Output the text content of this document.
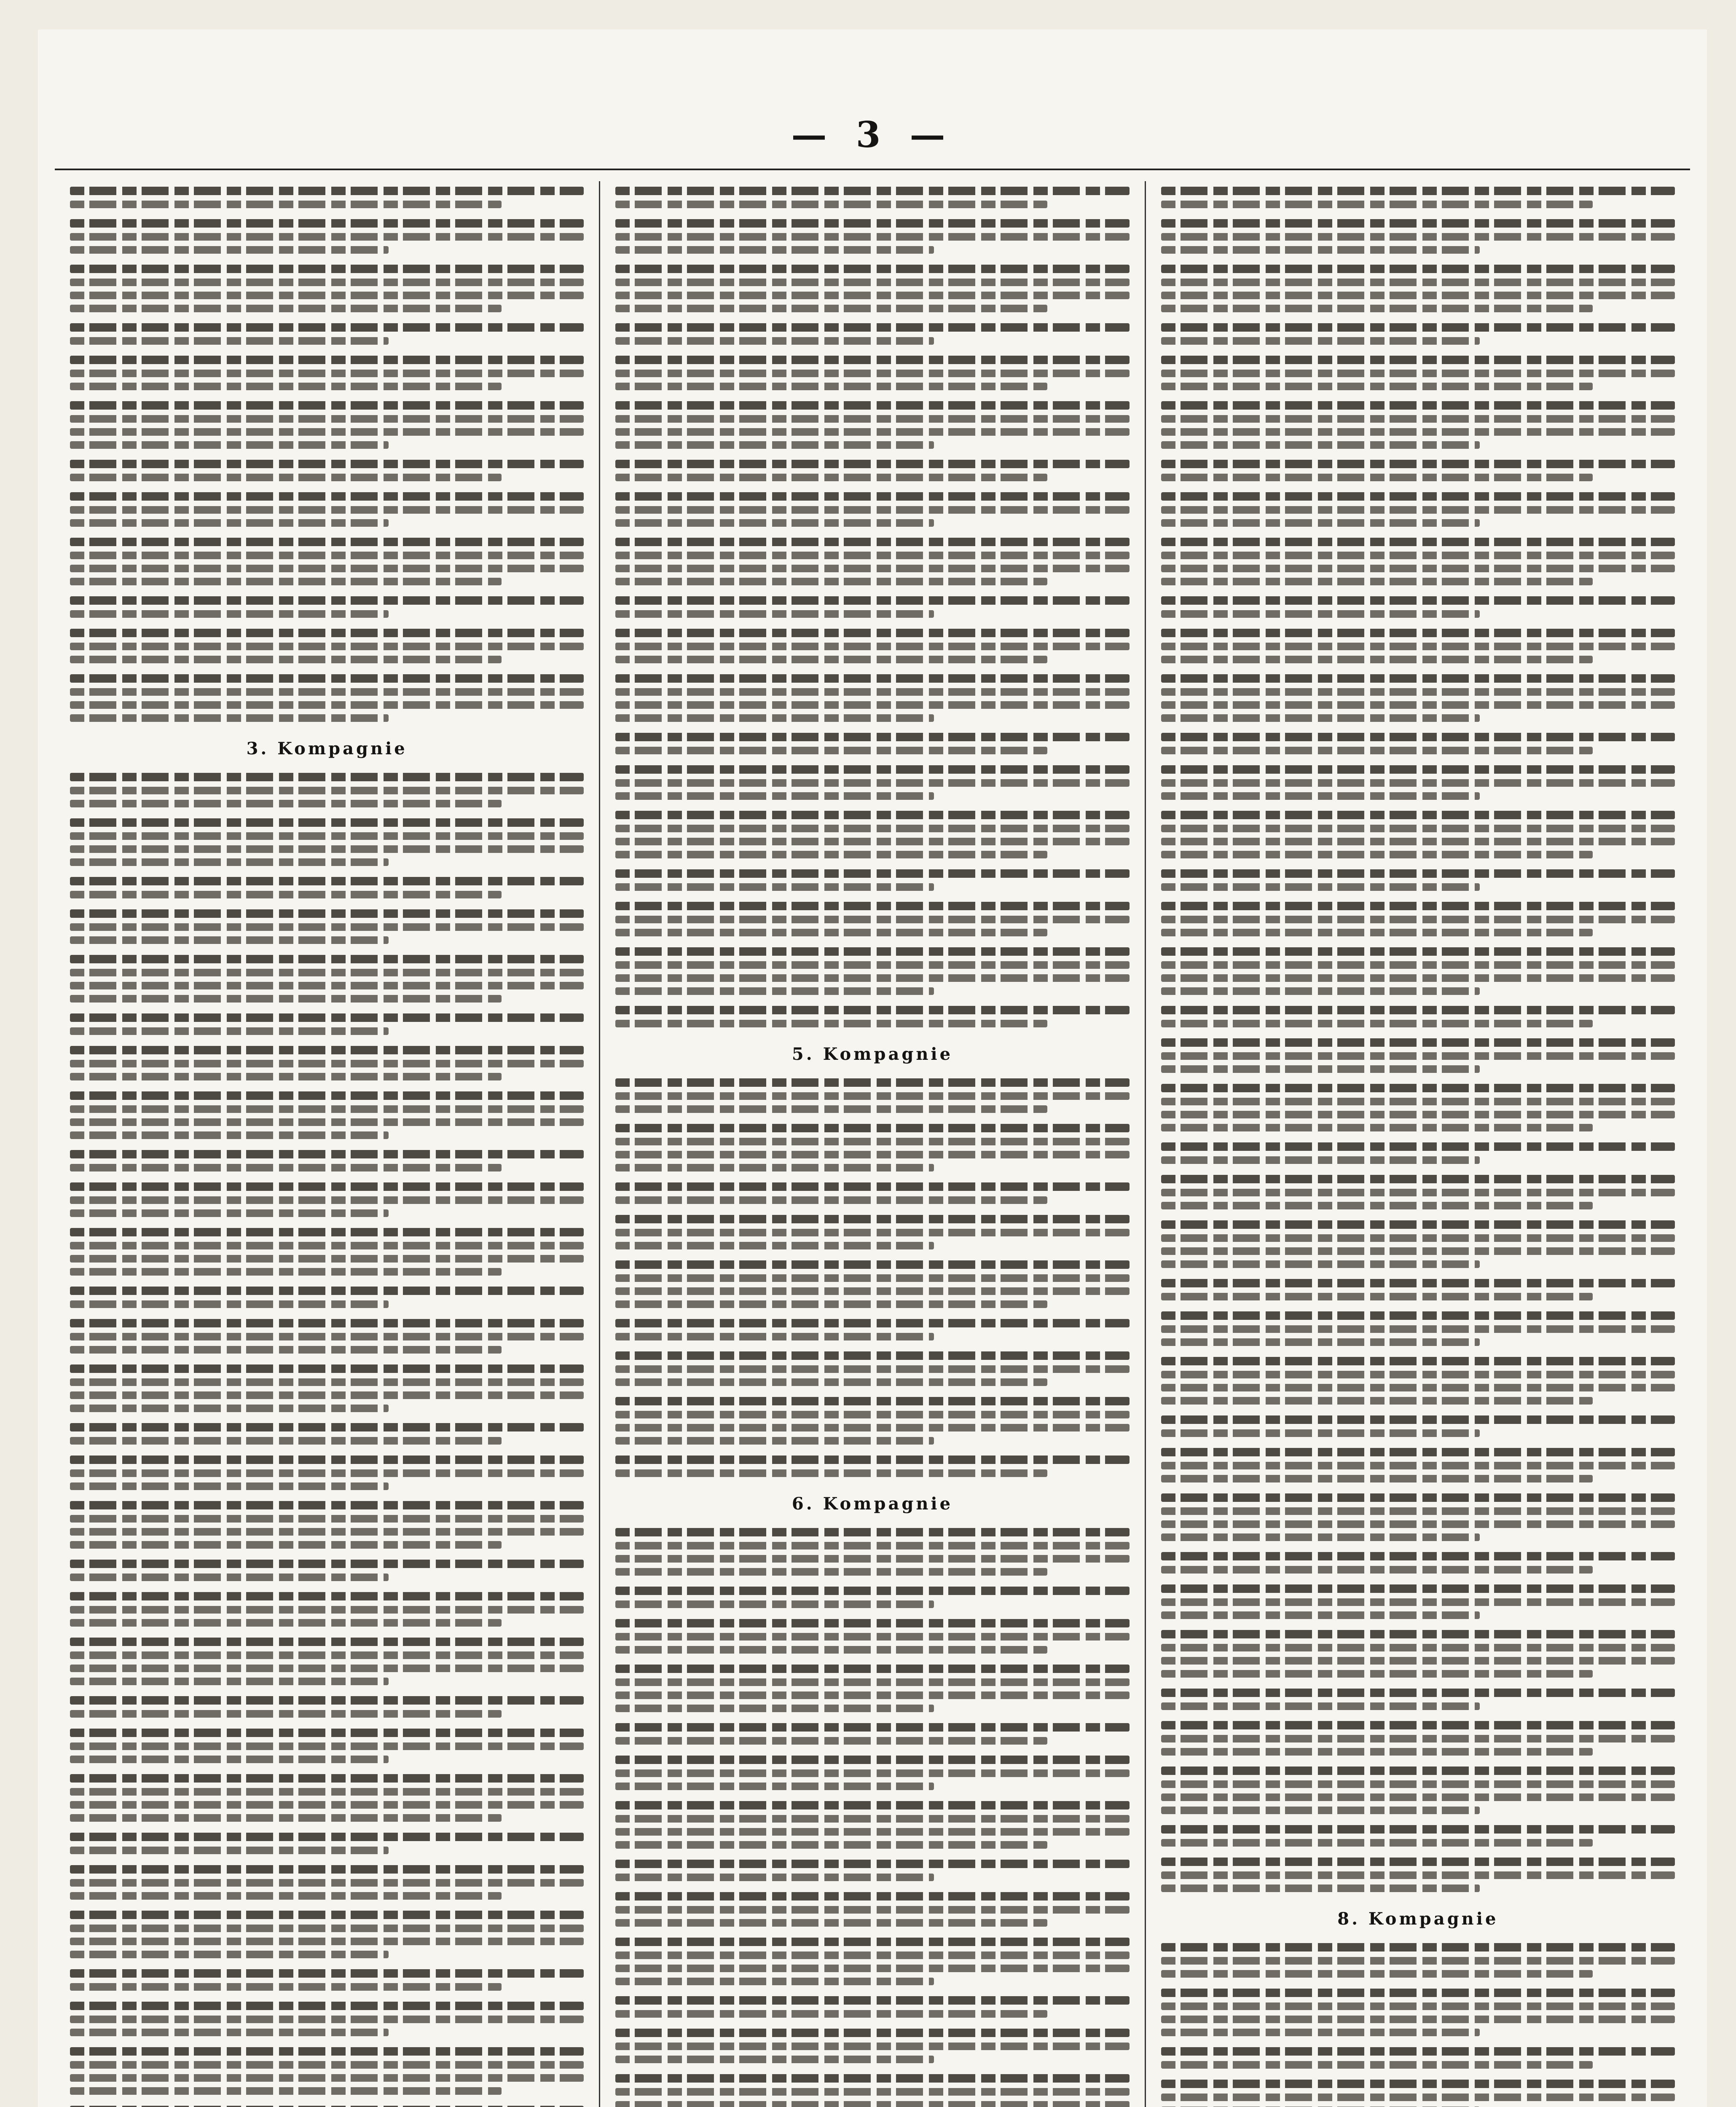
— 3 —
3. Kompagnie
5. Kompagnie
6. Kompagnie
8. Kompagnie
